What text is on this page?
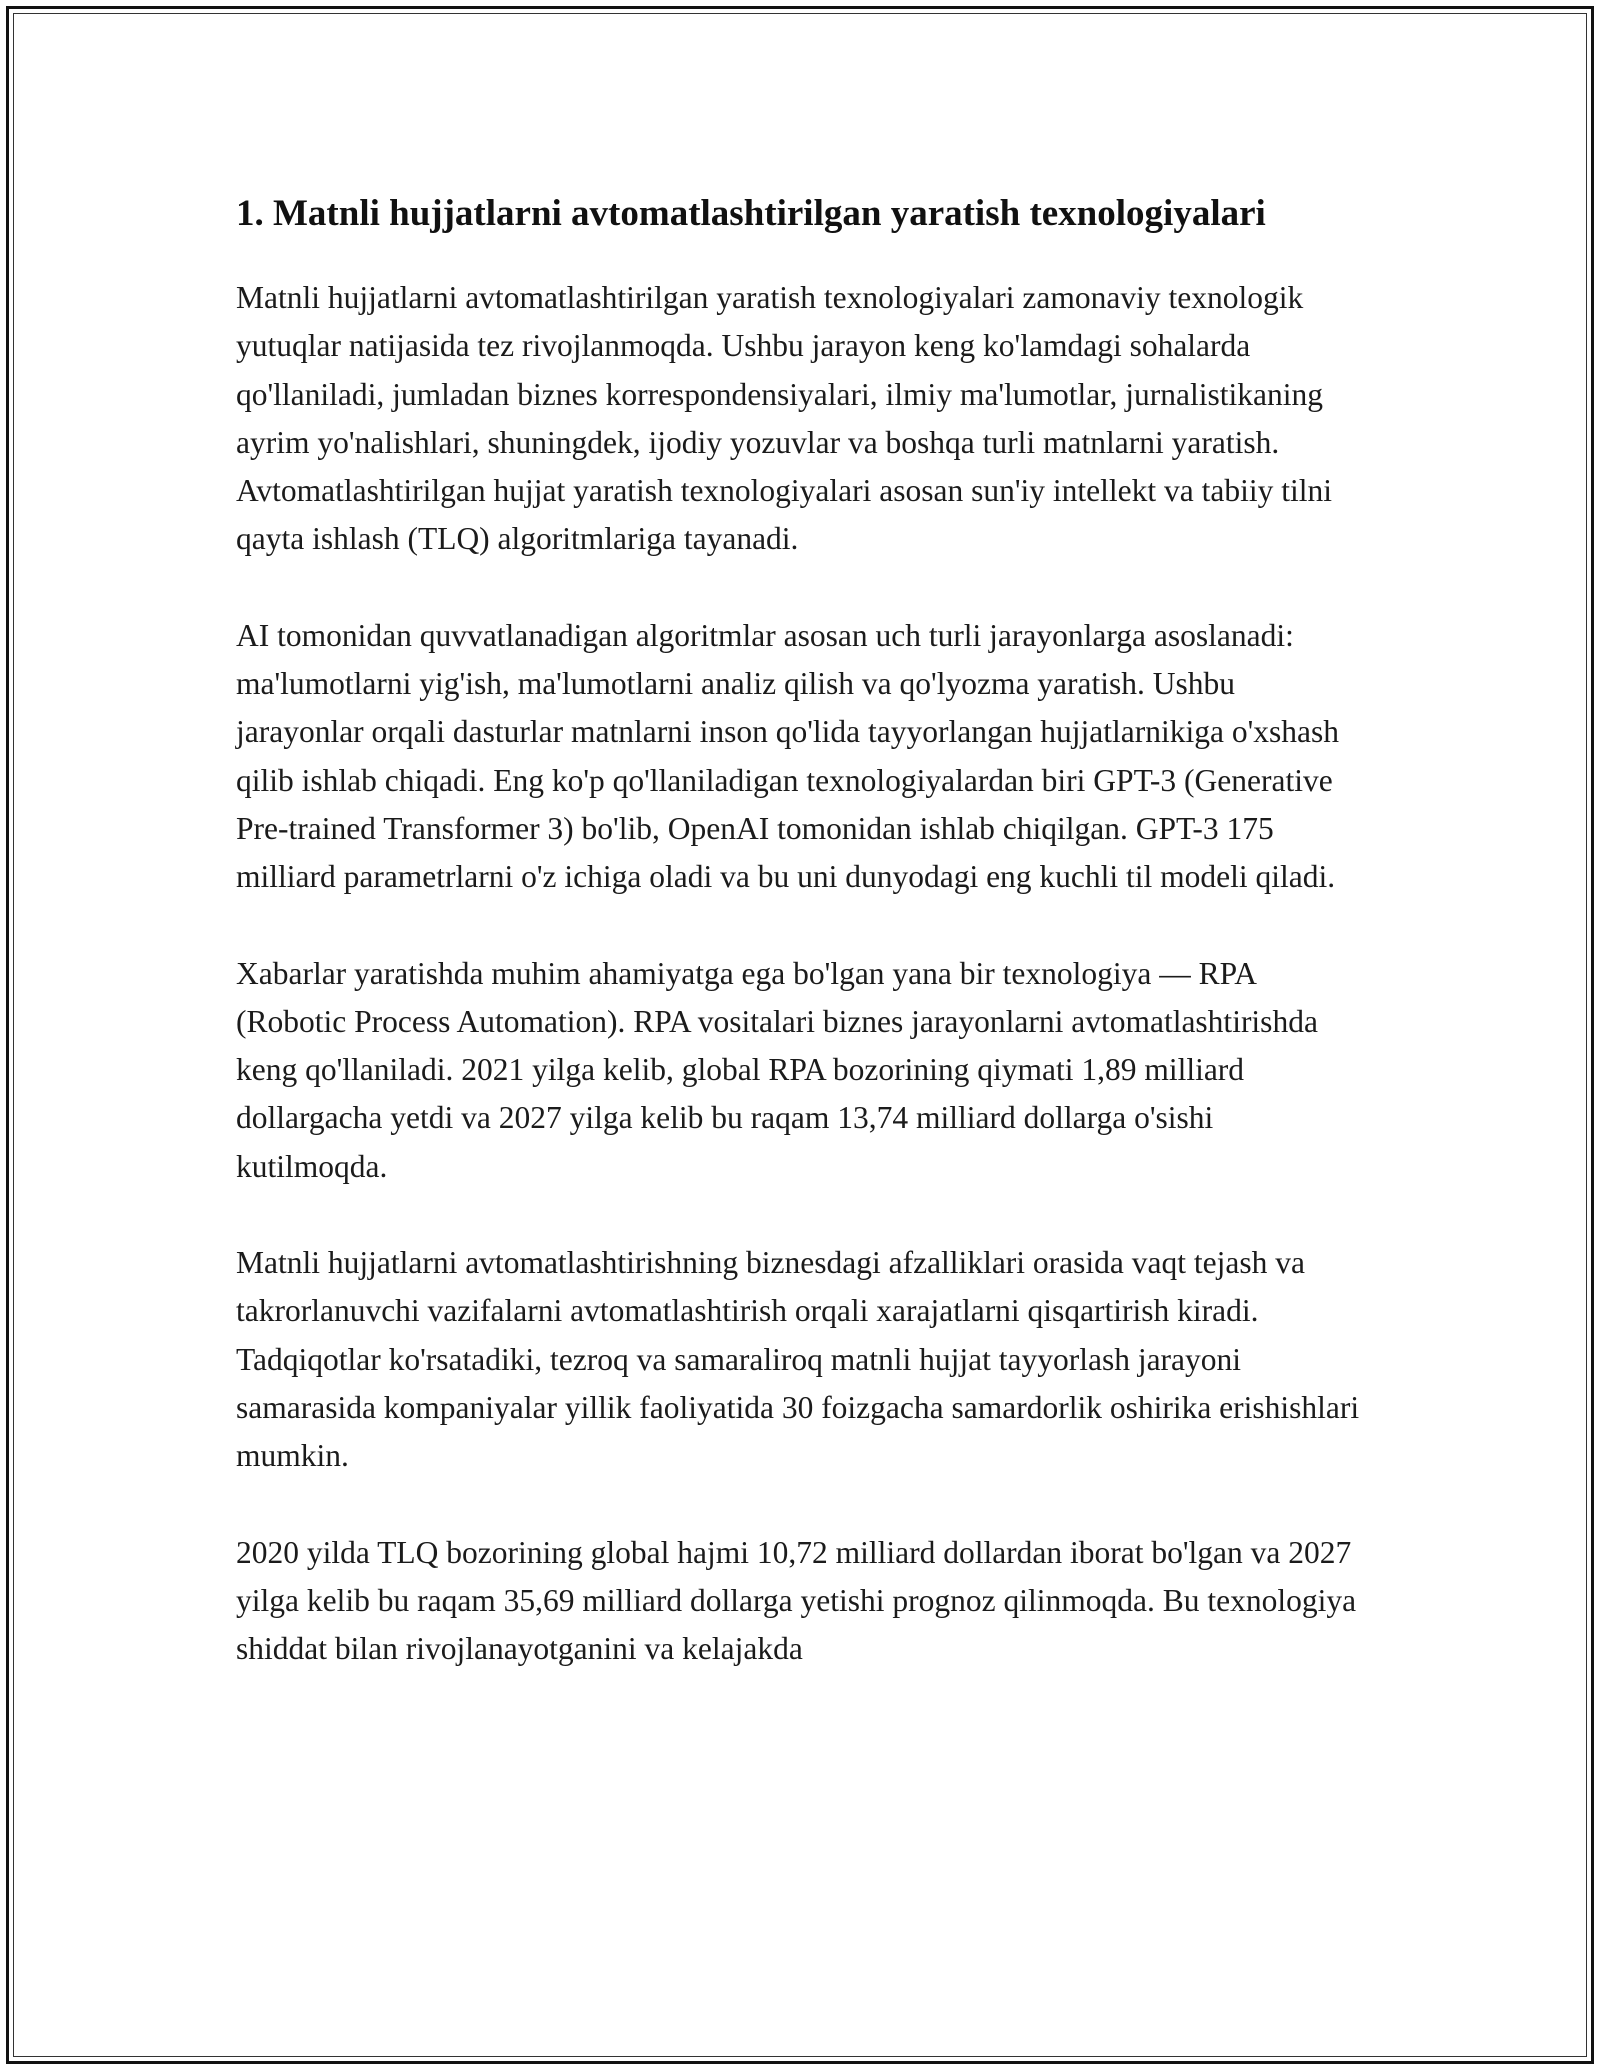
1. Matnli hujjatlarni avtomatlashtirilgan yaratish texnologiyalari

Matnli hujjatlarni avtomatlashtirilgan yaratish texnologiyalari zamonaviy texnologik yutuqlar natijasida tez rivojlanmoqda. Ushbu jarayon keng ko'lamdagi sohalarda qo'llaniladi, jumladan biznes korrespondensiyalari, ilmiy ma'lumotlar, jurnalistikaning ayrim yo'nalishlari, shuningdek, ijodiy yozuvlar va boshqa turli matnlarni yaratish. Avtomatlashtirilgan hujjat yaratish texnologiyalari asosan sun'iy intellekt va tabiiy tilni qayta ishlash (TLQ) algoritmlariga tayanadi.

AI tomonidan quvvatlanadigan algoritmlar asosan uch turli jarayonlarga asoslanadi: ma'lumotlarni yig'ish, ma'lumotlarni analiz qilish va qo'lyozma yaratish. Ushbu jarayonlar orqali dasturlar matnlarni inson qo'lida tayyorlangan hujjatlarnikiga o'xshash qilib ishlab chiqadi. Eng ko'p qo'llaniladigan texnologiyalardan biri GPT-3 (Generative Pre-trained Transformer 3) bo'lib, OpenAI tomonidan ishlab chiqilgan. GPT-3 175 milliard parametrlarni o'z ichiga oladi va bu uni dunyodagi eng kuchli til modeli qiladi.

Xabarlar yaratishda muhim ahamiyatga ega bo'lgan yana bir texnologiya — RPA (Robotic Process Automation). RPA vositalari biznes jarayonlarni avtomatlashtirishda keng qo'llaniladi. 2021 yilga kelib, global RPA bozorining qiymati 1,89 milliard dollargacha yetdi va 2027 yilga kelib bu raqam 13,74 milliard dollarga o'sishi kutilmoqda.

Matnli hujjatlarni avtomatlashtirishning biznesdagi afzalliklari orasida vaqt tejash va takrorlanuvchi vazifalarni avtomatlashtirish orqali xarajatlarni qisqartirish kiradi. Tadqiqotlar ko'rsatadiki, tezroq va samaraliroq matnli hujjat tayyorlash jarayoni samarasida kompaniyalar yillik faoliyatida 30 foizgacha samardorlik oshirika erishishlari mumkin.

2020 yilda TLQ bozorining global hajmi 10,72 milliard dollardan iborat bo'lgan va 2027 yilga kelib bu raqam 35,69 milliard dollarga yetishi prognoz qilinmoqda. Bu texnologiya shiddat bilan rivojlanayotganini va kelajakda
